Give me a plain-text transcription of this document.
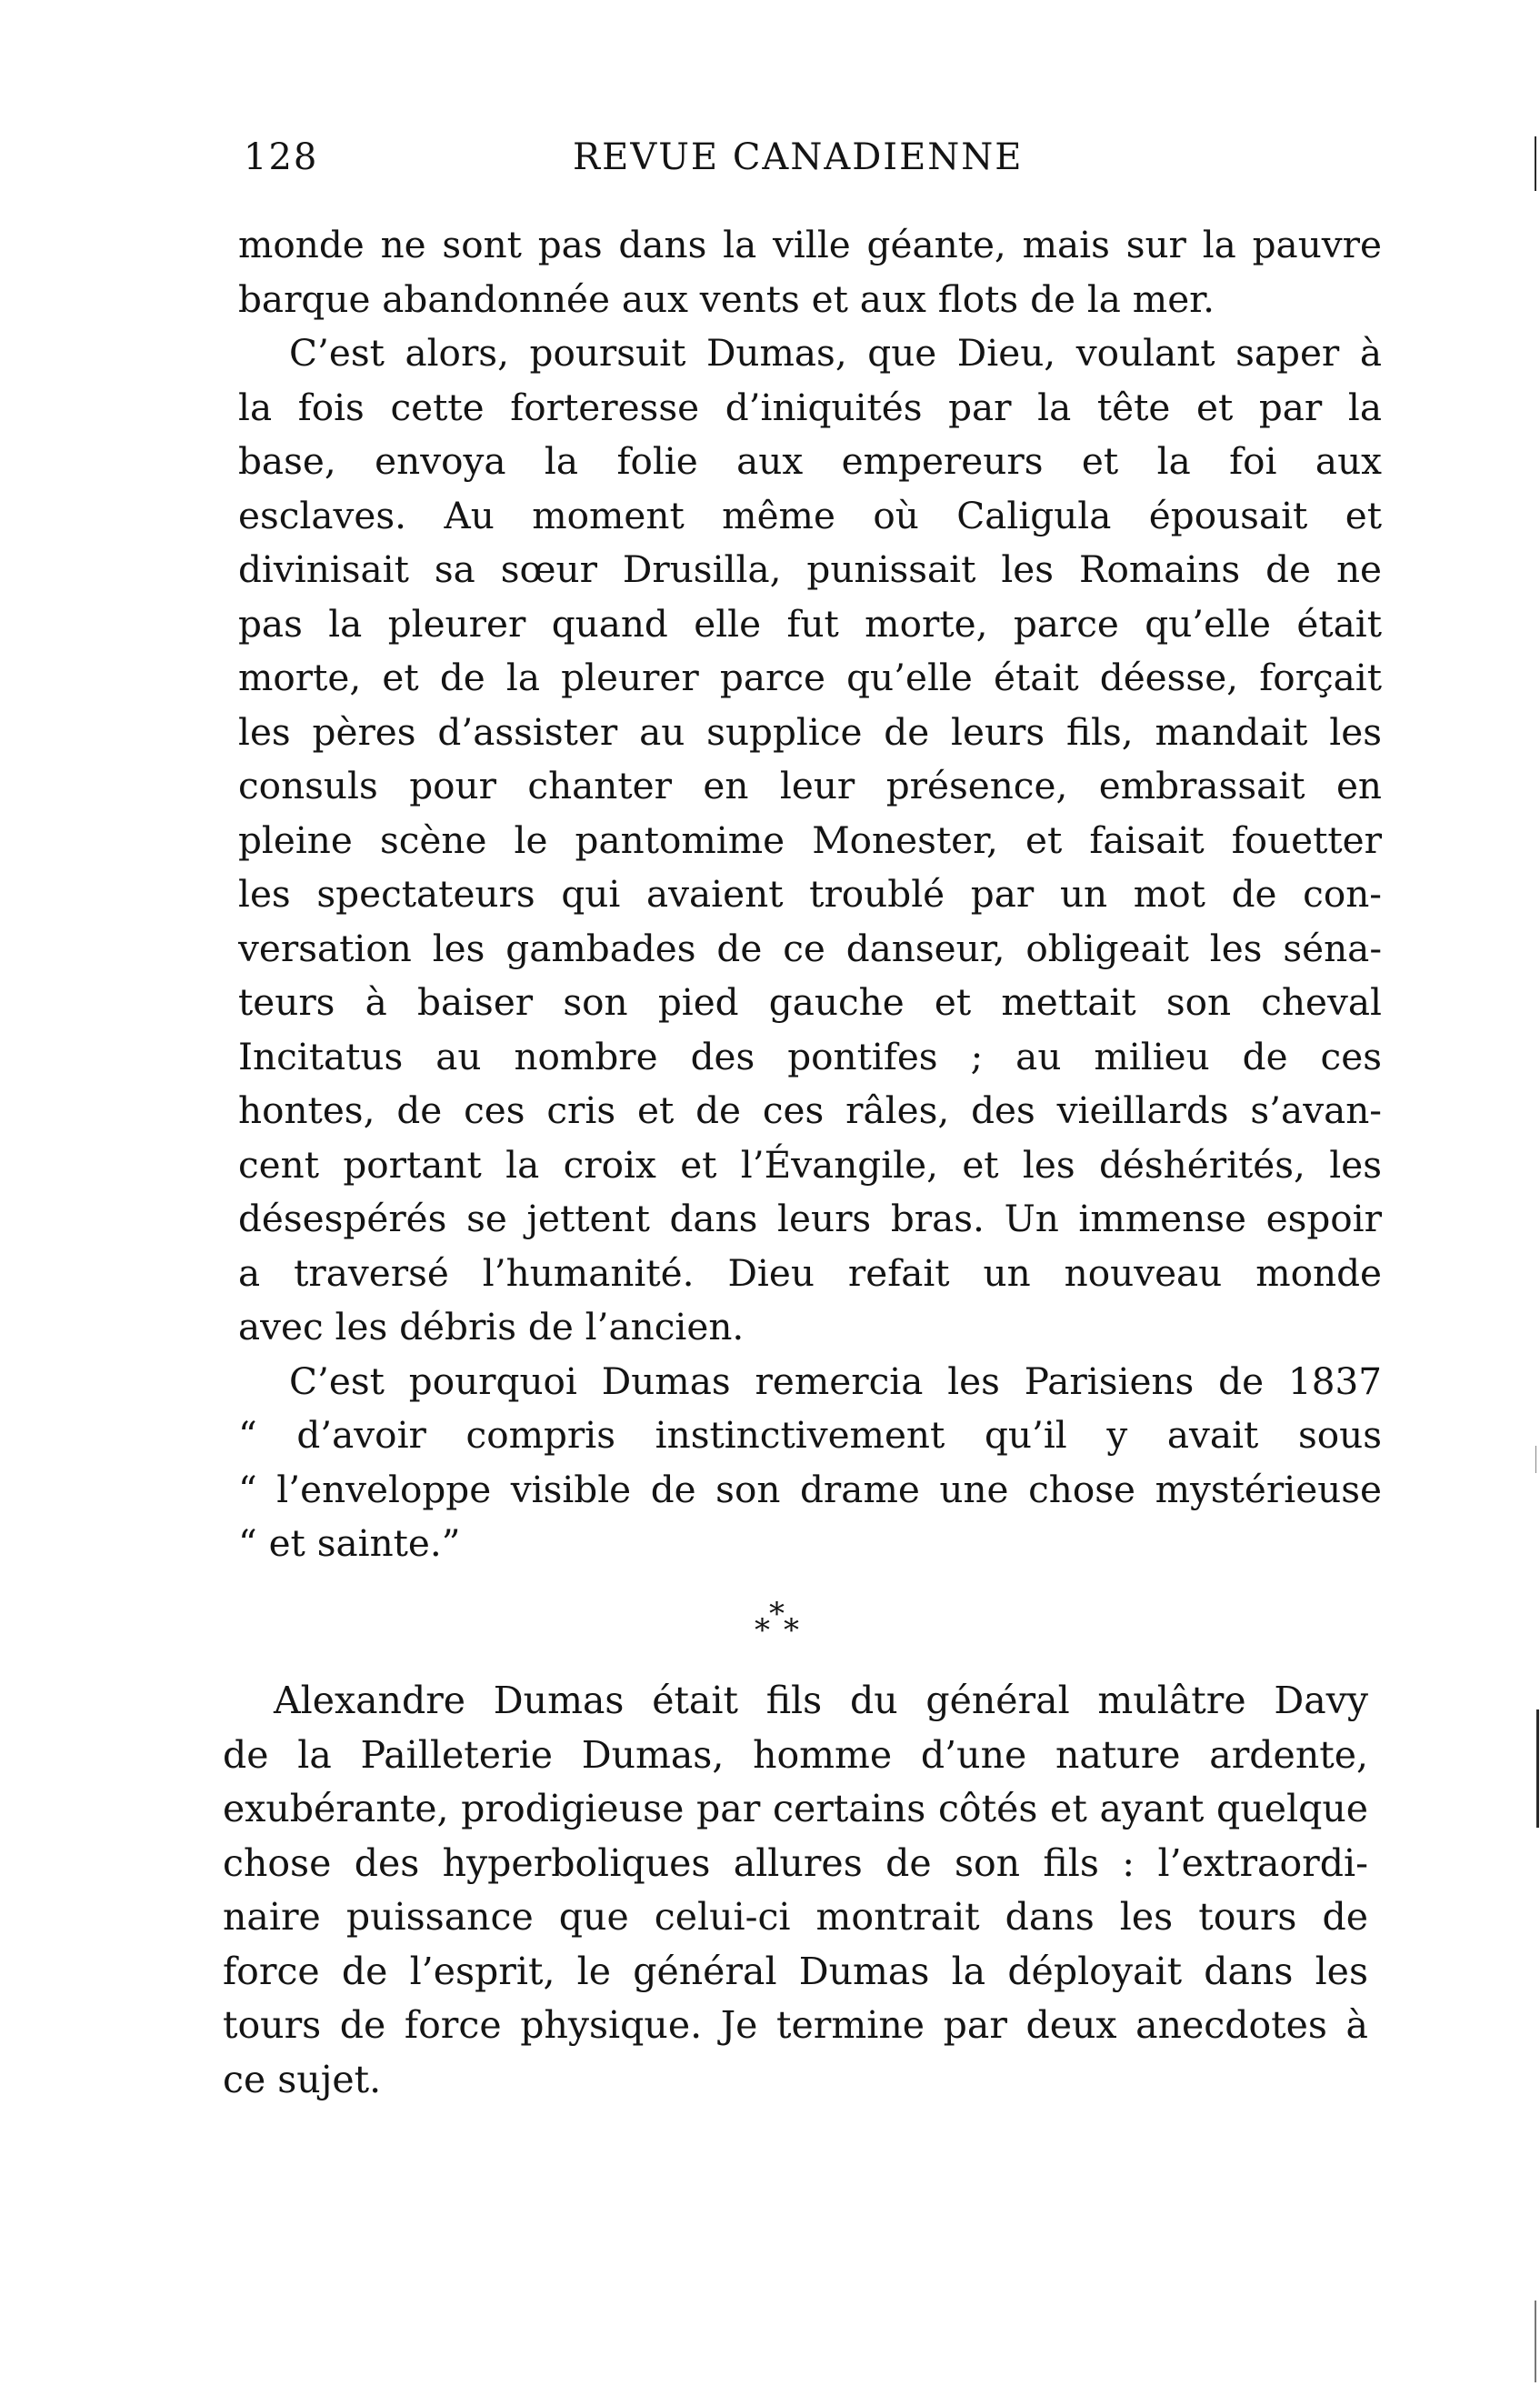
128	REVUE CANADIENNE
monde ne sont pas dans la ville géante, mais sur la pauvre
barque abandonnée aux vents et aux flots de la mer.
C’est alors, poursuit Dumas, que Dieu, voulant saper à
la fois cette forteresse d’iniquités par la tête et par la
base, envoya la folie aux empereurs et la foi aux
esclaves. Au moment même où Caligula épousait et
divinisait sa sœur Drusilla, punissait les Romains de ne
pas la pleurer quand elle fut morte, parce qu’elle était
morte, et de la pleurer parce qu’elle était déesse, forçait
les pères d’assister au supplice de leurs fils, mandait les
consuls pour chanter en leur présence, embrassait en
pleine scène le pantomime Monester, et faisait fouetter
les spectateurs qui avaient troublé par un mot de con-
versation les gambades de ce danseur, obligeait les séna-
teurs à baiser son pied gauche et mettait son cheval
Incitatus au nombre des pontifes ; au milieu de ces
hontes, de ces cris et de ces râles, des vieillards s’avan-
cent portant la croix et l’Évangile, et les déshérités, les
désespérés se jettent dans leurs bras. Un immense espoir
a traversé l’humanité. Dieu refait un nouveau monde
avec les débris de l’ancien.
C’est pourquoi Dumas remercia les Parisiens de 1837
“ d’avoir compris instinctivement qu’il y avait sous
“ l’enveloppe visible de son drame une chose mystérieuse
“ et sainte.”
*
* *
Alexandre Dumas était fils du général mulâtre Davy
de la Pailleterie Dumas, homme d’une nature ardente,
exubérante, prodigieuse par certains côtés et ayant quelque
chose des hyperboliques allures de son fils : l’extraordi-
naire puissance que celui-ci montrait dans les tours de
force de l’esprit, le général Dumas la déployait dans les
tours de force physique. Je termine par deux anecdotes à
ce sujet.
